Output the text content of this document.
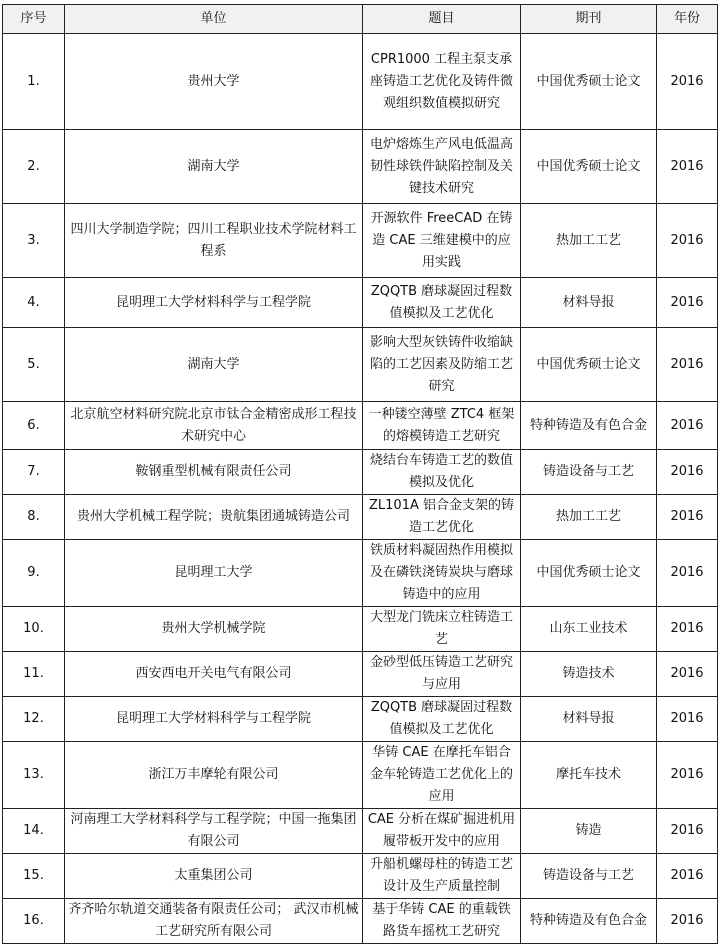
序号	单位	题目	期刊	年份
1.	贵州大学	CPR1000 工程主泵支承座铸造工艺优化及铸件微观组织数值模拟研究	中国优秀硕士论文	2016
2.	湖南大学	电炉熔炼生产风电低温高韧性球铁件缺陷控制及关键技术研究	中国优秀硕士论文	2016
3.	四川大学制造学院；四川工程职业技术学院材料工程系	开源软件 FreeCAD 在铸造 CAE 三维建模中的应用实践	热加工工艺	2016
4.	昆明理工大学材料科学与工程学院	ZQQTB 磨球凝固过程数值模拟及工艺优化	材料导报	2016
5.	湖南大学	影响大型灰铁铸件收缩缺陷的工艺因素及防缩工艺研究	中国优秀硕士论文	2016
6.	北京航空材料研究院北京市钛合金精密成形工程技术研究中心	一种镂空薄壁 ZTC4 框架的熔模铸造工艺研究	特种铸造及有色合金	2016
7.	鞍钢重型机械有限责任公司	烧结台车铸造工艺的数值模拟及优化	铸造设备与工艺	2016
8.	贵州大学机械工程学院；贵航集团通城铸造公司	ZL101A 铝合金支架的铸造工艺优化	热加工工艺	2016
9.	昆明理工大学	铁质材料凝固热作用模拟及在磷铁浇铸炭块与磨球铸造中的应用	中国优秀硕士论文	2016
10.	贵州大学机械学院	大型龙门铣床立柱铸造工艺	山东工业技术	2016
11.	西安西电开关电气有限公司	金砂型低压铸造工艺研究与应用	铸造技术	2016
12.	昆明理工大学材料科学与工程学院	ZQQTB 磨球凝固过程数值模拟及工艺优化	材料导报	2016
13.	浙江万丰摩轮有限公司	华铸 CAE 在摩托车铝合金车轮铸造工艺优化上的应用	摩托车技术	2016
14.	河南理工大学材料科学与工程学院；中国一拖集团有限公司	CAE 分析在煤矿掘进机用履带板开发中的应用	铸造	2016
15.	太重集团公司	升船机螺母柱的铸造工艺设计及生产质量控制	铸造设备与工艺	2016
16.	齐齐哈尔轨道交通装备有限责任公司； 武汉市机械工艺研究所有限公司	基于华铸 CAE 的重载铁路货车摇枕工艺研究	特种铸造及有色合金	2016
